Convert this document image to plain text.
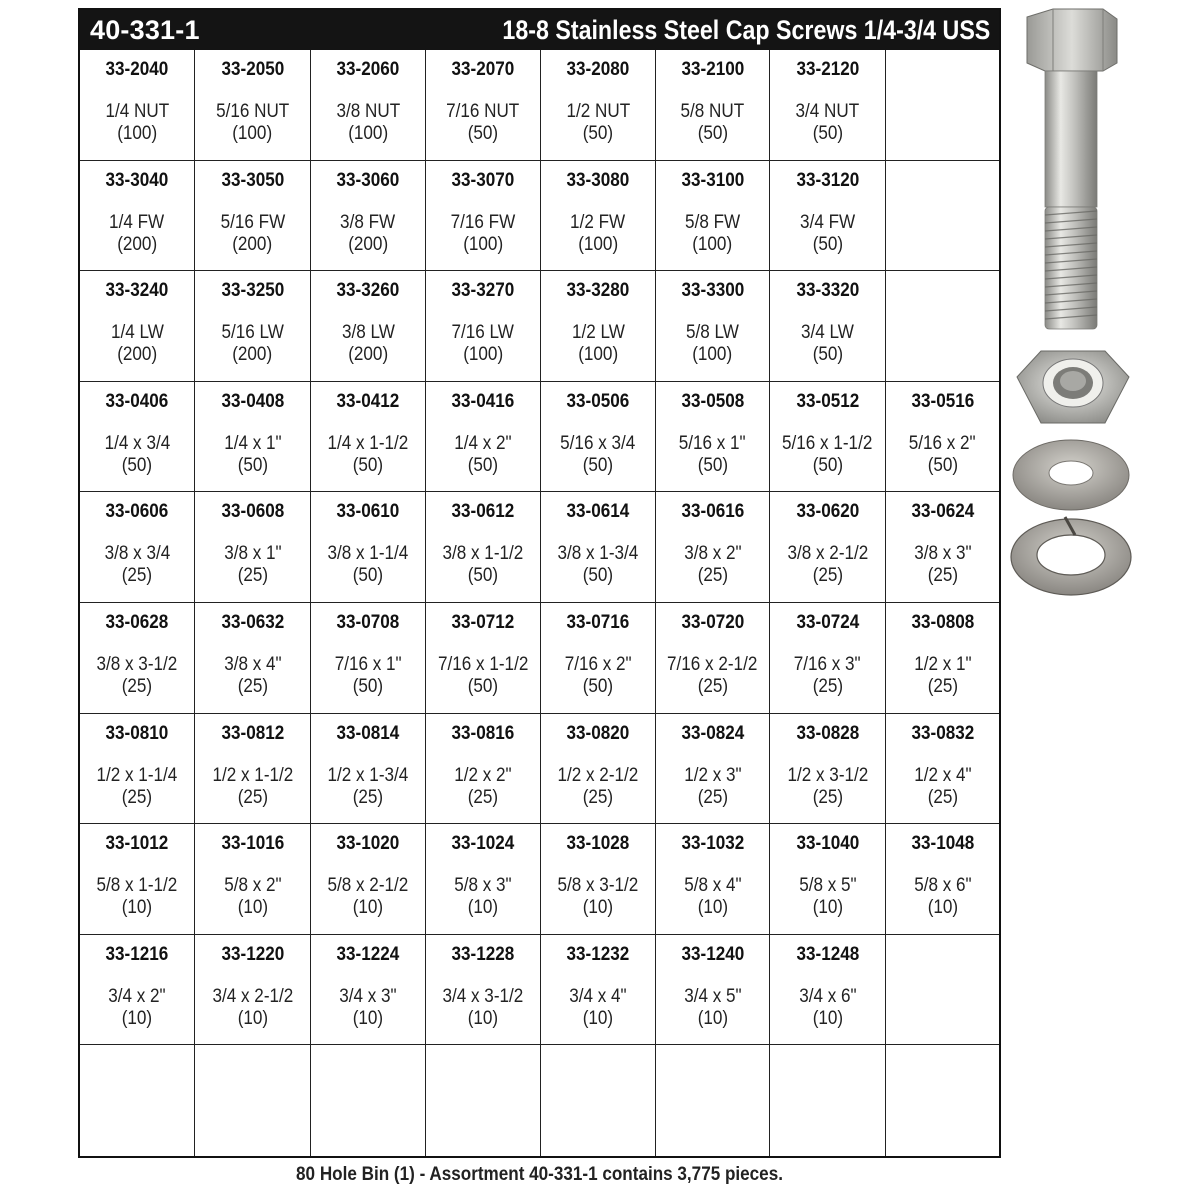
40-331-1	18-8 Stainless Steel Cap Screws 1/4-3/4 USS
33-2040
1/4 NUT
(100)
33-2050
5/16 NUT
(100)
33-2060
3/8 NUT
(100)
33-2070
7/16 NUT
(50)
33-2080
1/2 NUT
(50)
33-2100
5/8 NUT
(50)
33-2120
3/4 NUT
(50)
33-3040
1/4 FW
(200)
33-3050
5/16 FW
(200)
33-3060
3/8 FW
(200)
33-3070
7/16 FW
(100)
33-3080
1/2 FW
(100)
33-3100
5/8 FW
(100)
33-3120
3/4 FW
(50)
33-3240
1/4 LW
(200)
33-3250
5/16 LW
(200)
33-3260
3/8 LW
(200)
33-3270
7/16 LW
(100)
33-3280
1/2 LW
(100)
33-3300
5/8 LW
(100)
33-3320
3/4 LW
(50)
33-0406
1/4 x 3/4
(50)
33-0408
1/4 x 1"
(50)
33-0412
1/4 x 1-1/2
(50)
33-0416
1/4 x 2"
(50)
33-0506
5/16 x 3/4
(50)
33-0508
5/16 x 1"
(50)
33-0512
5/16 x 1-1/2
(50)
33-0516
5/16 x 2"
(50)
33-0606
3/8 x 3/4
(25)
33-0608
3/8 x 1"
(25)
33-0610
3/8 x 1-1/4
(50)
33-0612
3/8 x 1-1/2
(50)
33-0614
3/8 x 1-3/4
(50)
33-0616
3/8 x 2"
(25)
33-0620
3/8 x 2-1/2
(25)
33-0624
3/8 x 3"
(25)
33-0628
3/8 x 3-1/2
(25)
33-0632
3/8 x 4"
(25)
33-0708
7/16 x 1"
(50)
33-0712
7/16 x 1-1/2
(50)
33-0716
7/16 x 2"
(50)
33-0720
7/16 x 2-1/2
(25)
33-0724
7/16 x 3"
(25)
33-0808
1/2 x 1"
(25)
33-0810
1/2 x 1-1/4
(25)
33-0812
1/2 x 1-1/2
(25)
33-0814
1/2 x 1-3/4
(25)
33-0816
1/2 x 2"
(25)
33-0820
1/2 x 2-1/2
(25)
33-0824
1/2 x 3"
(25)
33-0828
1/2 x 3-1/2
(25)
33-0832
1/2 x 4"
(25)
33-1012
5/8 x 1-1/2
(10)
33-1016
5/8 x 2"
(10)
33-1020
5/8 x 2-1/2
(10)
33-1024
5/8 x 3"
(10)
33-1028
5/8 x 3-1/2
(10)
33-1032
5/8 x 4"
(10)
33-1040
5/8 x 5"
(10)
33-1048
5/8 x 6"
(10)
33-1216
3/4 x 2"
(10)
33-1220
3/4 x 2-1/2
(10)
33-1224
3/4 x 3"
(10)
33-1228
3/4 x 3-1/2
(10)
33-1232
3/4 x 4"
(10)
33-1240
3/4 x 5"
(10)
33-1248
3/4 x 6"
(10)
80 Hole Bin (1) - Assortment 40-331-1 contains 3,775 pieces.
